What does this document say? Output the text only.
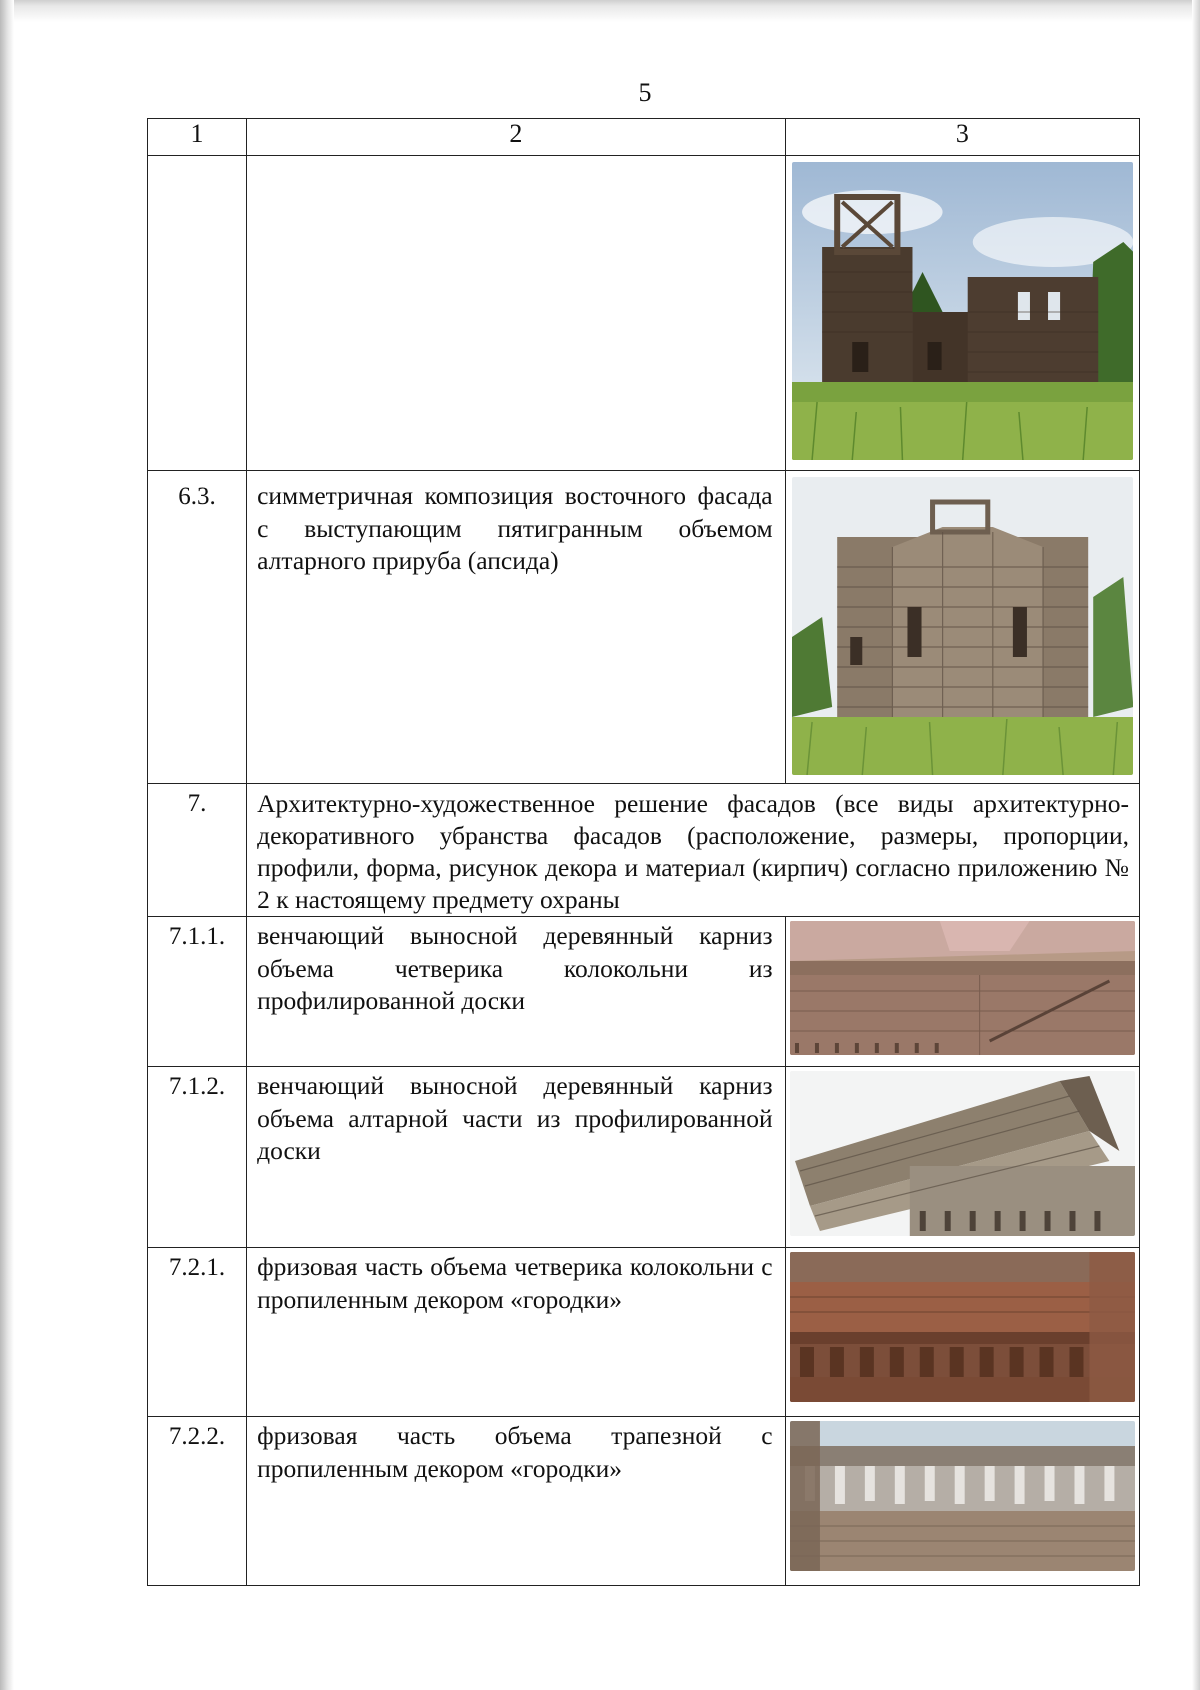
5
1	2	3

6.3.	симметричная композиция восточного фасада с выступающим пятигранным объемом алтарного прируба (апсида)	

7.	Архитектурно-художественное решение фасадов (все виды архитектурно-декоративного убранства фасадов (расположение, размеры, пропорции, профили, форма, рисунок декора и материал (кирпич) согласно приложению № 2 к настоящему предмету охраны	
7.1.1.	венчающий выносной деревянный карниз объема четверика колокольни из профилированной доски	

7.1.2.	венчающий выносной деревянный карниз объема алтарной части из профилированной доски	

7.2.1.	фризовая часть объема четверика колокольни с пропиленным декором «городки»	

7.2.2.	фризовая часть объема трапезной с пропиленным декором «городки»	
